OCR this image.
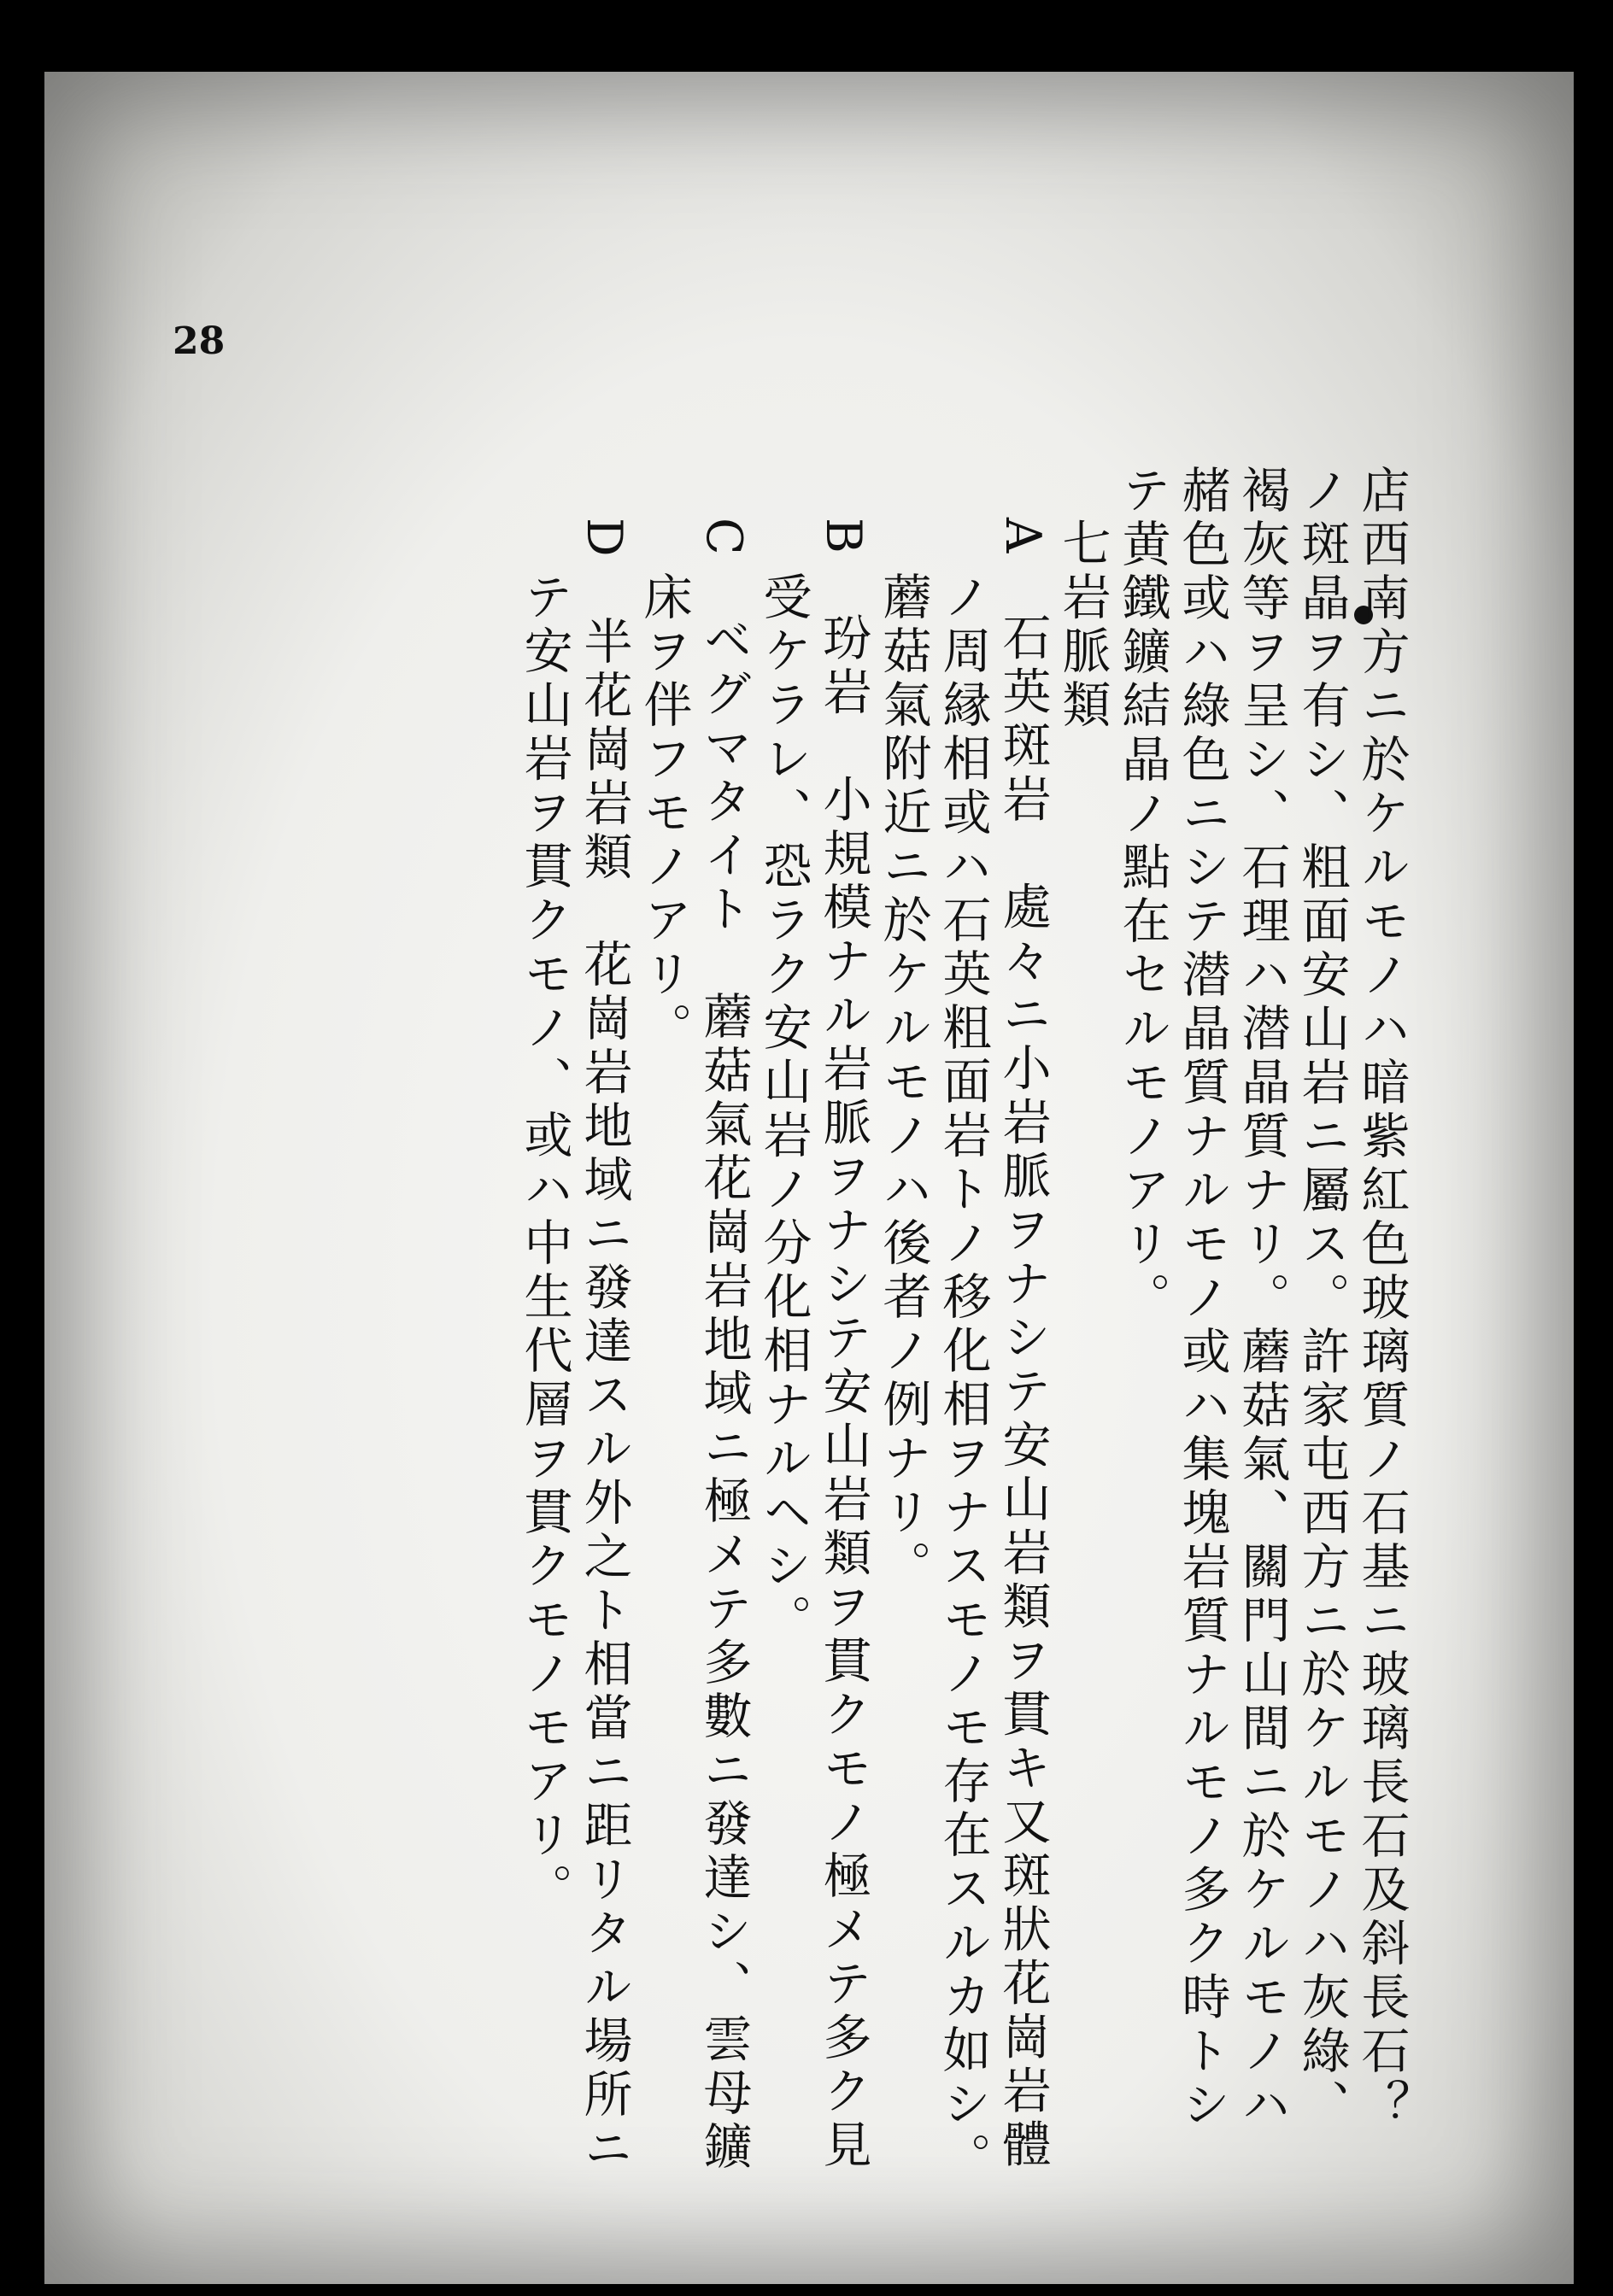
28
店西南方ニ於ケルモノハ暗紫紅色玻璃質ノ石基ニ玻璃長石及斜長石？
ノ斑晶ヲ有シ、粗面安山岩ニ屬ス。許家屯西方ニ於ケルモノハ灰綠、
褐灰等ヲ呈シ、石理ハ潜晶質ナリ。蘑菇氣、關門山間ニ於ケルモノハ
赭色或ハ綠色ニシテ潜晶質ナルモノ或ハ集塊岩質ナルモノ多ク時トシ
テ黄鐵鑛結晶ノ點在セルモノアリ。
七岩脈類
A　石英斑岩　處々ニ小岩脈ヲナシテ安山岩類ヲ貫キ又斑狀花崗岩體
ノ周縁相或ハ石英粗面岩トノ移化相ヲナスモノモ存在スルカ如シ。
蘑菇氣附近ニ於ケルモノハ後者ノ例ナリ。
B　玢岩　小規模ナル岩脈ヲナシテ安山岩類ヲ貫クモノ極メテ多ク見
受ケラレ、恐ラク安山岩ノ分化相ナルヘシ。
C　ベグマタイト　蘑菇氣花崗岩地域ニ極メテ多數ニ發達シ、雲母鑛
床ヲ伴フモノアリ。
D　半花崗岩類　花崗岩地域ニ發達スル外之ト相當ニ距リタル場所ニ
テ安山岩ヲ貫クモノ、或ハ中生代層ヲ貫クモノモアリ。
